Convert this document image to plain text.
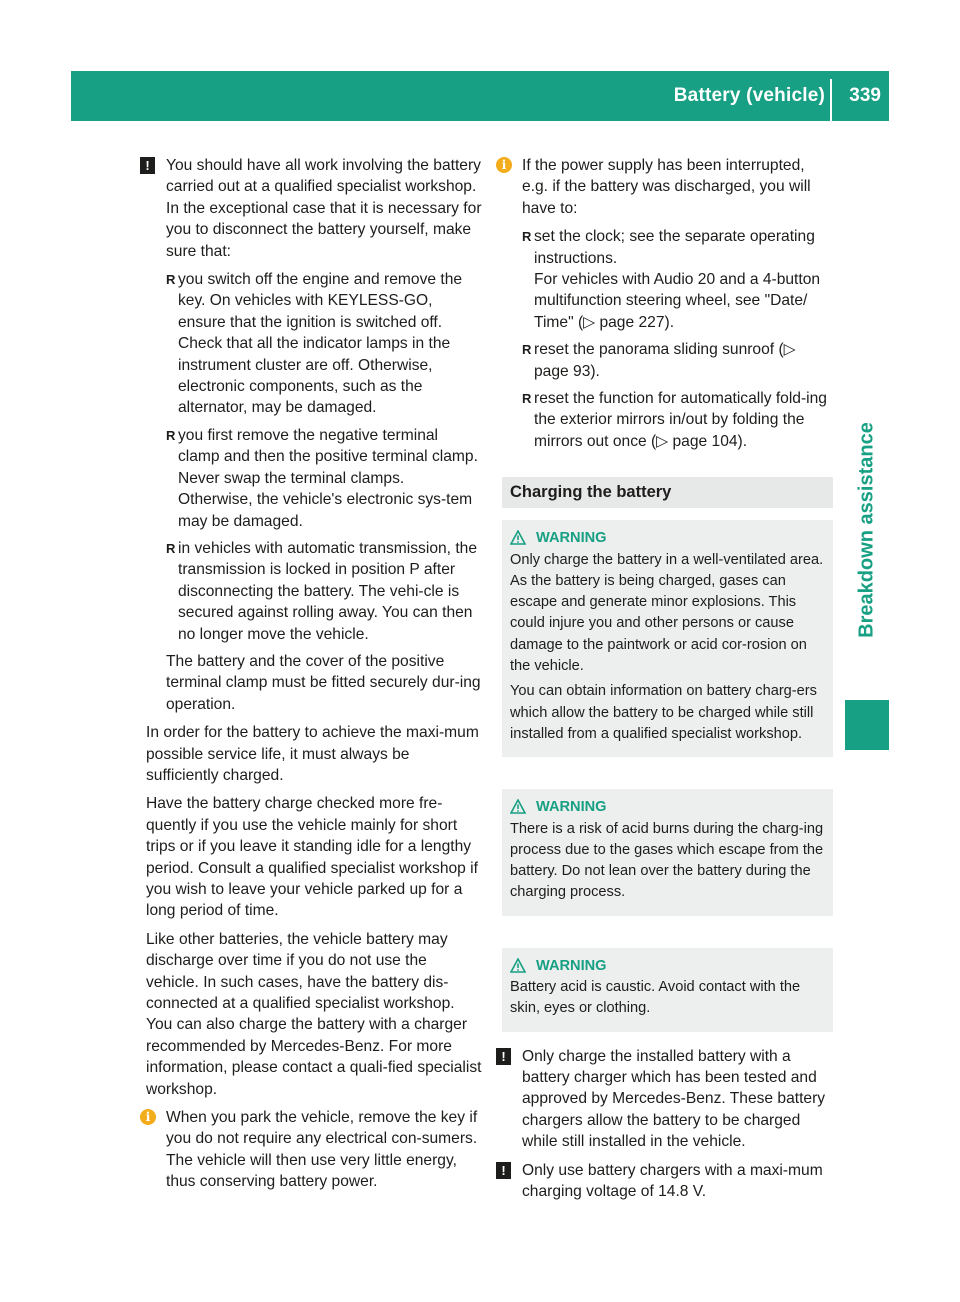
Battery (vehicle) 339
Breakdown assistance
!	You should have all work involving the battery carried out at a qualified specialist workshop. In the exceptional case that it is necessary for you to disconnect the battery yourself, make sure that:

R you switch off the engine and remove the key. On vehicles with KEYLESS-GO, ensure that the ignition is switched off. Check that all the indicator lamps in the instrument cluster are off. Otherwise, electronic components, such as the alternator, may be damaged.
R you first remove the negative terminal clamp and then the positive terminal clamp. Never swap the terminal clamps. Otherwise, the vehicle's electronic sys-tem may be damaged.
R in vehicles with automatic transmission, the transmission is locked in position P after disconnecting the battery. The vehi-cle is secured against rolling away. You can then no longer move the vehicle.

The battery and the cover of the positive terminal clamp must be fitted securely dur-ing operation.

In order for the battery to achieve the maxi-mum possible service life, it must always be sufficiently charged.

Have the battery charge checked more fre-quently if you use the vehicle mainly for short trips or if you leave it standing idle for a lengthy period. Consult a qualified specialist workshop if you wish to leave your vehicle parked up for a long period of time.

Like other batteries, the vehicle battery may discharge over time if you do not use the vehicle. In such cases, have the battery dis-connected at a qualified specialist workshop. You can also charge the battery with a charger recommended by Mercedes-Benz. For more information, please contact a quali-fied specialist workshop.

i	When you park the vehicle, remove the key if you do not require any electrical con-sumers. The vehicle will then use very little energy, thus conserving battery power.

i	If the power supply has been interrupted, e.g. if the battery was discharged, you will have to:

R set the clock; see the separate operating instructions.
For vehicles with Audio 20 and a 4-button multifunction steering wheel, see "Date/ Time" (▷ page 227).
R reset the panorama sliding sunroof (▷ page 93).
R reset the function for automatically fold-ing the exterior mirrors in/out by folding the mirrors out once (▷ page 104).
Charging the battery
WARNING

Only charge the battery in a well-ventilated area. As the battery is being charged, gases can escape and generate minor explosions. This could injure you and other persons or cause damage to the paintwork or acid cor-rosion on the vehicle.

You can obtain information on battery charg-ers which allow the battery to be charged while still installed from a qualified specialist workshop.

WARNING

There is a risk of acid burns during the charg-ing process due to the gases which escape from the battery. Do not lean over the battery during the charging process.

WARNING

Battery acid is caustic. Avoid contact with the skin, eyes or clothing.

!	Only charge the installed battery with a battery charger which has been tested and approved by Mercedes-Benz. These battery chargers allow the battery to be charged while still installed in the vehicle.

!	Only use battery chargers with a maxi-mum charging voltage of 14.8 V.
